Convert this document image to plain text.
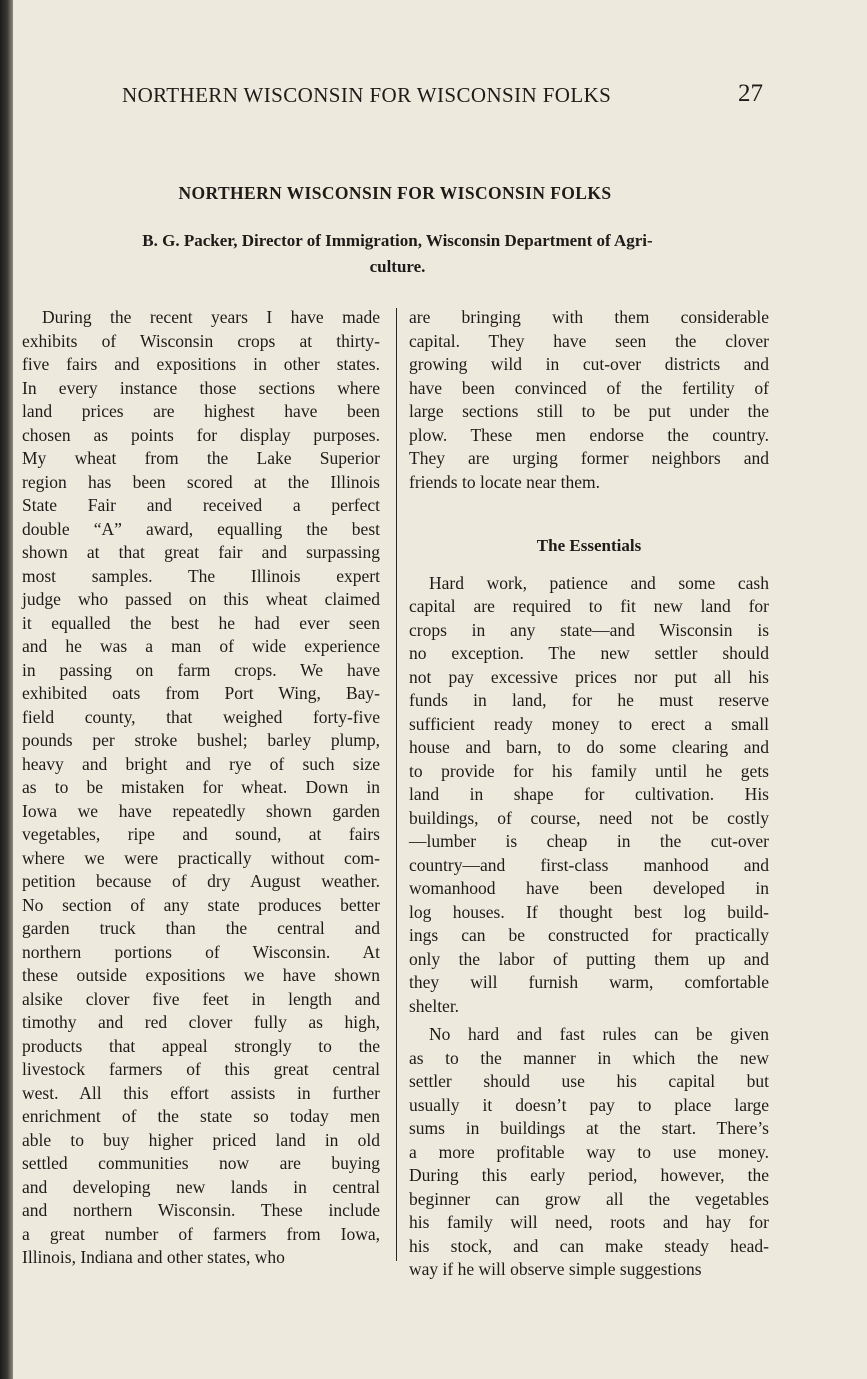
NORTHERN WISCONSIN FOR WISCONSIN FOLKS	27
NORTHERN WISCONSIN FOR WISCONSIN FOLKS
B. G. Packer, Director of Immigration, Wisconsin Department of Agri-
culture.
During the recent years I have made
exhibits of Wisconsin crops at thirty-
five fairs and expositions in other states.
In every instance those sections where
land prices are highest have been
chosen as points for display purposes.
My wheat from the Lake Superior
region has been scored at the Illinois
State Fair and received a perfect
double “A” award, equalling the best
shown at that great fair and surpassing
most samples. The Illinois expert
judge who passed on this wheat claimed
it equalled the best he had ever seen
and he was a man of wide experience
in passing on farm crops. We have
exhibited oats from Port Wing, Bay-
field county, that weighed forty-five
pounds per stroke bushel; barley plump,
heavy and bright and rye of such size
as to be mistaken for wheat. Down in
Iowa we have repeatedly shown garden
vegetables, ripe and sound, at fairs
where we were practically without com-
petition because of dry August weather.
No section of any state produces better
garden truck than the central and
northern portions of Wisconsin. At
these outside expositions we have shown
alsike clover five feet in length and
timothy and red clover fully as high,
products that appeal strongly to the
livestock farmers of this great central
west. All this effort assists in further
enrichment of the state so today men
able to buy higher priced land in old
settled communities now are buying
and developing new lands in central
and northern Wisconsin. These include
a great number of farmers from Iowa,
Illinois, Indiana and other states, who
are bringing with them considerable
capital. They have seen the clover
growing wild in cut-over districts and
have been convinced of the fertility of
large sections still to be put under the
plow. These men endorse the country.
They are urging former neighbors and
friends to locate near them.
The Essentials
Hard work, patience and some cash
capital are required to fit new land for
crops in any state—and Wisconsin is
no exception. The new settler should
not pay excessive prices nor put all his
funds in land, for he must reserve
sufficient ready money to erect a small
house and barn, to do some clearing and
to provide for his family until he gets
land in shape for cultivation. His
buildings, of course, need not be costly
—lumber is cheap in the cut-over
country—and first-class manhood and
womanhood have been developed in
log houses. If thought best log build-
ings can be constructed for practically
only the labor of putting them up and
they will furnish warm, comfortable
shelter.
No hard and fast rules can be given
as to the manner in which the new
settler should use his capital but
usually it doesn’t pay to place large
sums in buildings at the start. There’s
a more profitable way to use money.
During this early period, however, the
beginner can grow all the vegetables
his family will need, roots and hay for
his stock, and can make steady head-
way if he will observe simple suggestions
